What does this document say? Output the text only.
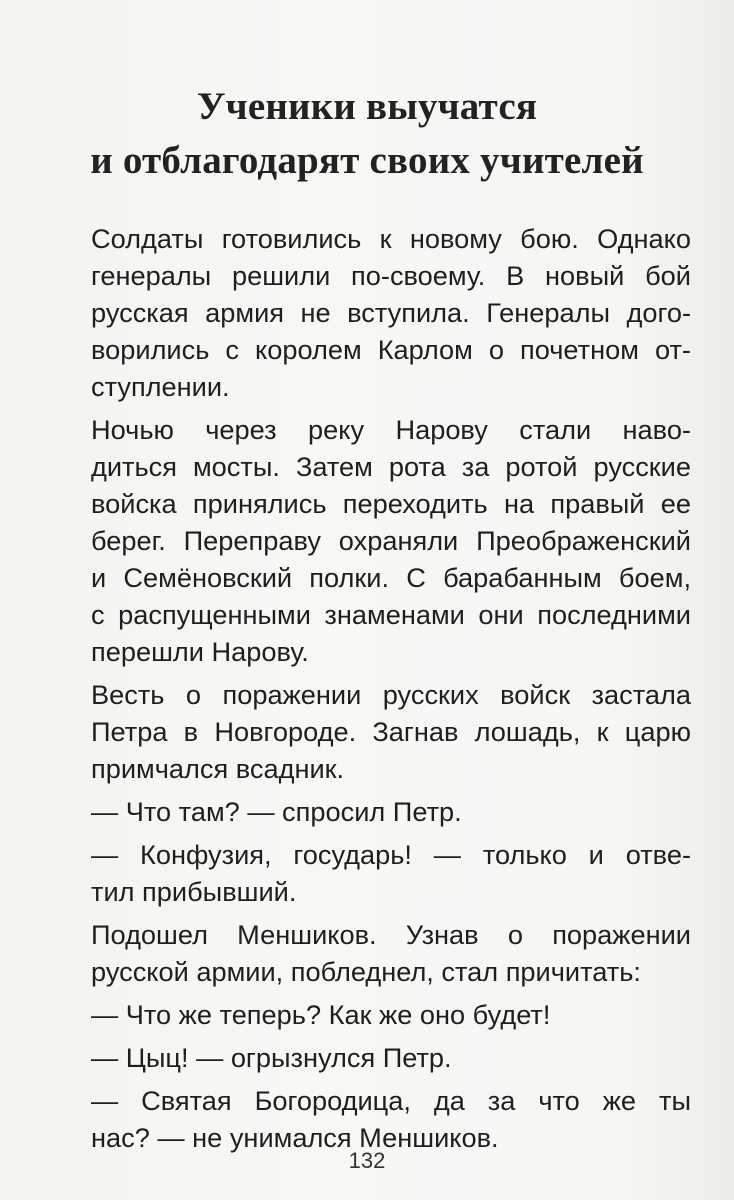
Ученики выучатся
и отблагодарят своих учителей
Солдаты готовились к новому бою. Однако
генералы решили по-своему. В новый бой
русская армия не вступила. Генералы дого-
ворились с королем Карлом о почетном от-
ступлении.
Ночью через реку Нарову стали наво-
диться мосты. Затем рота за ротой русские
войска принялись переходить на правый ее
берег. Переправу охраняли Преображенский
и Семёновский полки. С барабанным боем,
с распущенными знаменами они последними
перешли Нарову.
Весть о поражении русских войск застала
Петра в Новгороде. Загнав лошадь, к царю
примчался всадник.
— Что там? — спросил Петр.
— Конфузия, государь! — только и отве-
тил прибывший.
Подошел Меншиков. Узнав о поражении
русской армии, побледнел, стал причитать:
— Что же теперь? Как же оно будет!
— Цыц! — огрызнулся Петр.
— Святая Богородица, да за что же ты
нас? — не унимался Меншиков.
132
